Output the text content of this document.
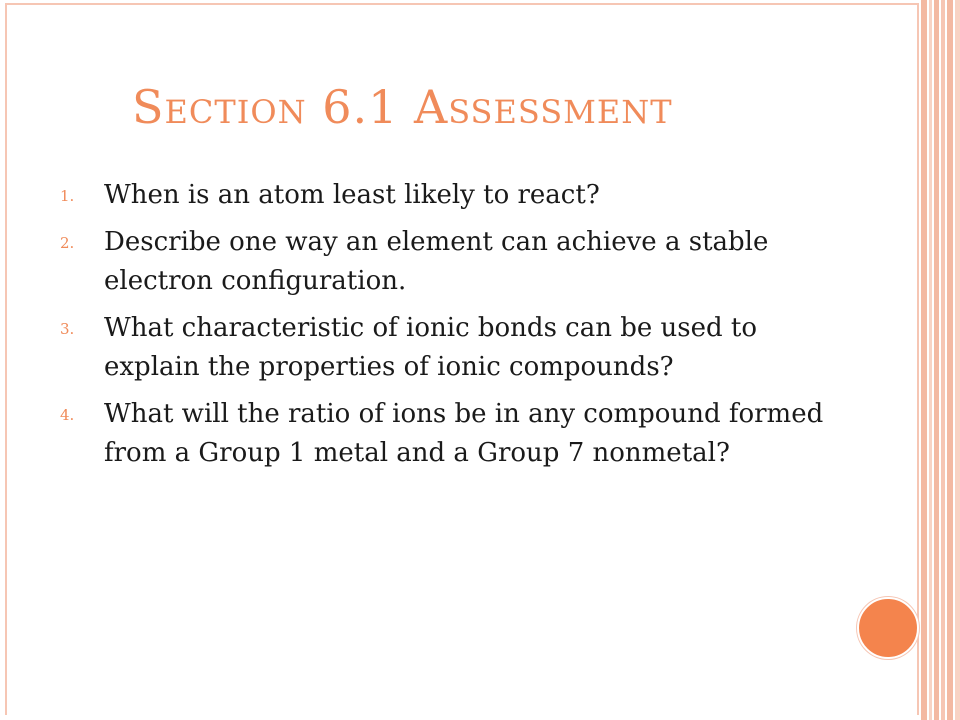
Section 6.1 Assessment
1. When is an atom least likely to react?
2. Describe one way an element can achieve a stable electron configuration.
3. What characteristic of ionic bonds can be used to explain the properties of ionic compounds?
4. What will the ratio of ions be in any compound formed from a Group 1 metal and a Group 7 nonmetal?
